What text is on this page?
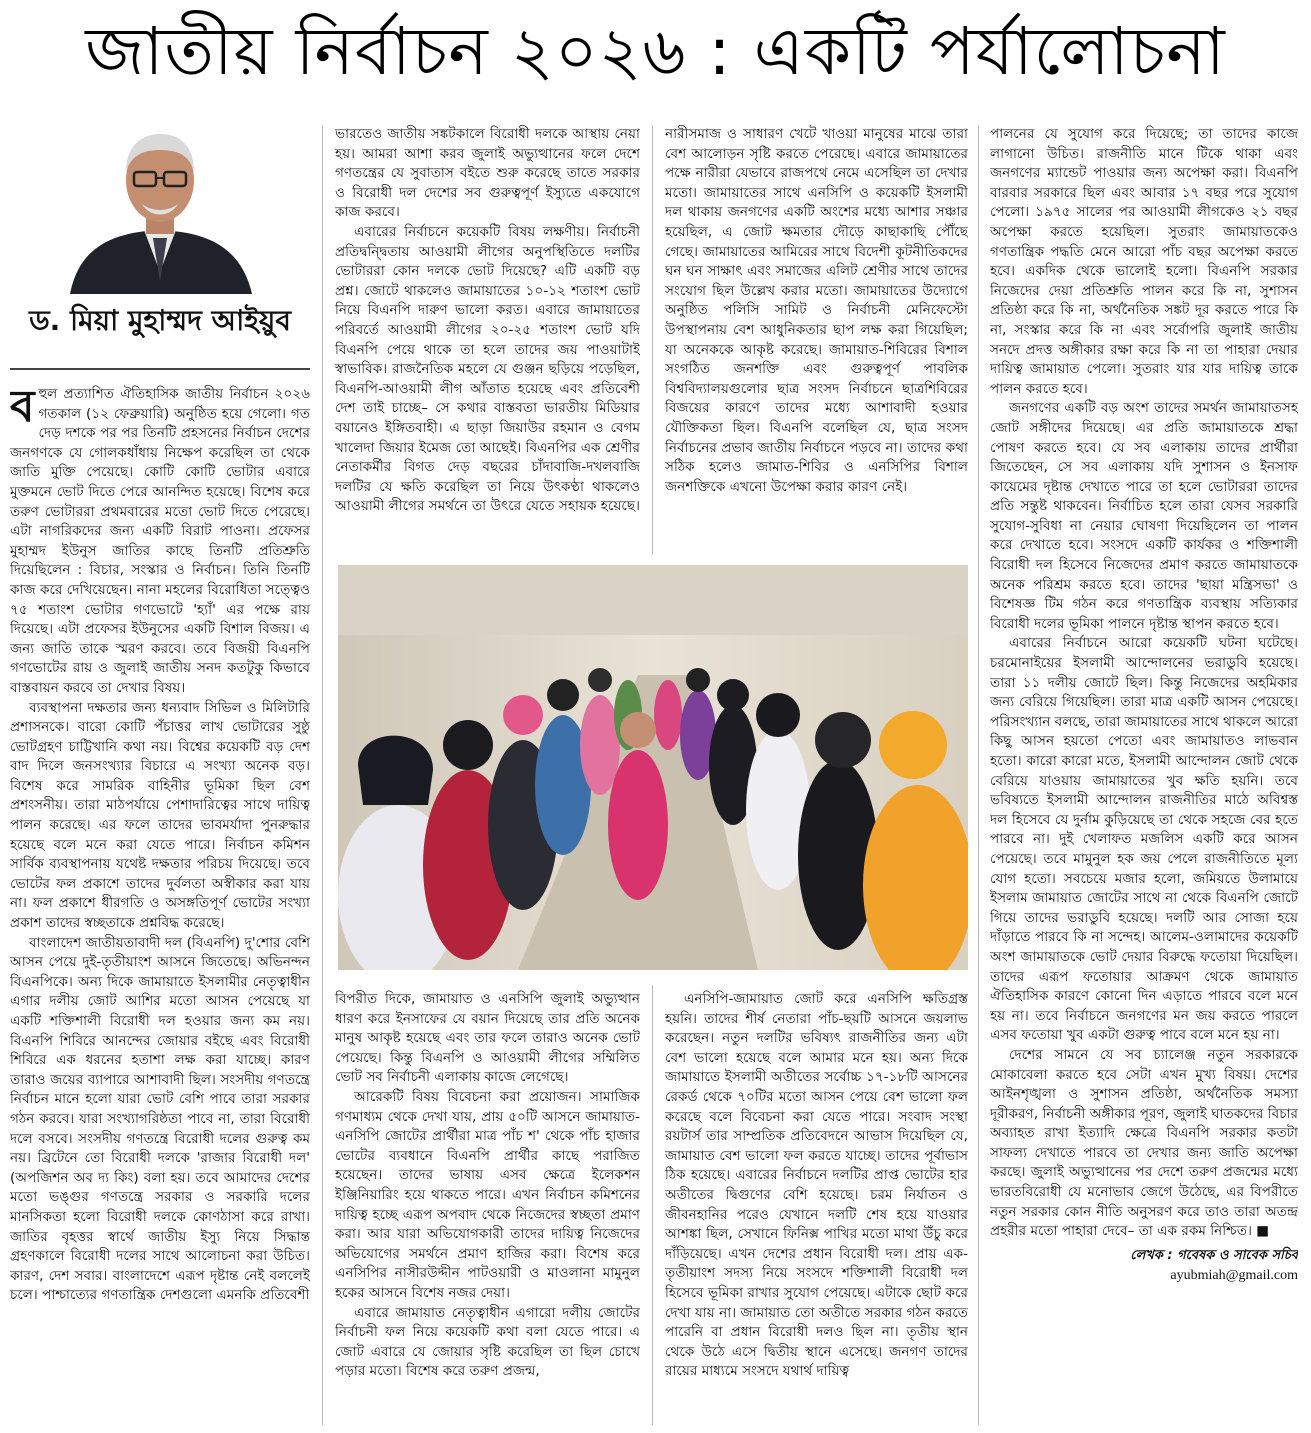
জাতীয় নির্বাচন ২০২৬ : একটি পর্যালোচনা
ড. মিয়া মুহাম্মদ আইয়ুব

বহুল প্রত্যাশিত ঐতিহাসিক জাতীয় নির্বাচন ২০২৬ গতকাল (১২ ফেব্রুয়ারি) অনুষ্ঠিত হয়ে গেলো। গত দেড় দশকে পর পর তিনটি প্রহসনের নির্বাচন দেশের জনগণকে যে গোলকধাঁধায় নিক্ষেপ করেছিল তা থেকে জাতি মুক্তি পেয়েছে। কোটি কোটি ভোটার এবারে মুক্তমনে ভোট দিতে পেরে আনন্দিত হয়েছে। বিশেষ করে তরুণ ভোটাররা প্রথমবারের মতো ভোট দিতে পেরেছে। এটা নাগরিকদের জন্য একটি বিরাট পাওনা। প্রফেসর মুহাম্মদ ইউনুস জাতির কাছে তিনটি প্রতিশ্রুতি দিয়েছিলেন : বিচার, সংস্কার ও নির্বাচন। তিনি তিনটি কাজ করে দেখিয়েছেন। নানা মহলের বিরোধিতা সত্ত্বেও ৭৫ শতাংশ ভোটার গণভোটে 'হ্যাঁ' এর পক্ষে রায় দিয়েছে। এটা প্রফেসর ইউনুসের একটি বিশাল বিজয়। এ জন্য জাতি তাকে স্মরণ করবে। তবে বিজয়ী বিএনপি গণভোটের রায় ও জুলাই জাতীয় সনদ কতটুকু কিভাবে বাস্তবায়ন করবে তা দেখার বিষয়।

ব্যবস্থাপনা দক্ষতার জন্য ধন্যবাদ সিভিল ও মিলিটারি প্রশাসনকে। বারো কোটি পঁচাত্তর লাখ ভোটারের সুষ্ঠু ভোটগ্রহণ চাট্টিখানি কথা নয়। বিশ্বের কয়েকটি বড় দেশ বাদ দিলে জনসংখ্যার বিচারে এ সংখ্যা অনেক বড়। বিশেষ করে সামরিক বাহিনীর ভূমিকা ছিল বেশ প্রশংসনীয়। তারা মাঠপর্যায়ে পেশাদারিত্বের সাথে দায়িত্ব পালন করেছে। এর ফলে তাদের ভাবমর্যাদা পুনরুদ্ধার হয়েছে বলে মনে করা যেতে পারে। নির্বাচন কমিশন সার্বিক ব্যবস্থাপনায় যথেষ্ট দক্ষতার পরিচয় দিয়েছে। তবে ভোটের ফল প্রকাশে তাদের দুর্বলতা অস্বীকার করা যায় না। ফল প্রকাশে ধীরগতি ও অসঙ্গতিপূর্ণ ভোটের সংখ্যা প্রকাশ তাদের স্বচ্ছতাকে প্রশ্নবিদ্ধ করেছে।

বাংলাদেশ জাতীয়তাবাদী দল (বিএনপি) দু'শোর বেশি আসন পেয়ে দুই-তৃতীয়াংশ আসনে জিতেছে। অভিনন্দন বিএনপিকে। অন্য দিকে জামায়াতে ইসলামীর নেতৃত্বাধীন এগার দলীয় জোট আশির মতো আসন পেয়েছে যা একটি শক্তিশালী বিরোধী দল হওয়ার জন্য কম নয়। বিএনপি শিবিরে আনন্দের জোয়ার বইছে এবং বিরোধী শিবিরে এক ধরনের হতাশা লক্ষ করা যাচ্ছে। কারণ তারাও জয়ের ব্যাপারে আশাবাদী ছিল। সংসদীয় গণতন্ত্রে নির্বাচন মানে হলো যারা ভোট বেশি পাবে তারা সরকার গঠন করবে। যারা সংখ্যাগরিষ্ঠতা পাবে না, তারা বিরোধী দলে বসবে। সংসদীয় গণতন্ত্রে বিরোধী দলের গুরুত্ব কম নয়। ব্রিটেনে তো বিরোধী দলকে 'রাজার বিরোধী দল' (অপজিশন অব দ্য কিং) বলা হয়। তবে আমাদের দেশের মতো ভঙ্গুর গণতন্ত্রে সরকার ও সরকারি দলের মানসিকতা হলো বিরোধী দলকে কোণঠাসা করে রাখা। জাতির বৃহত্তর স্বার্থে জাতীয় ইস্যু নিয়ে সিদ্ধান্ত গ্রহণকালে বিরোধী দলের সাথে আলোচনা করা উচিত। কারণ, দেশ সবার। বাংলাদেশে এরূপ দৃষ্টান্ত নেই বললেই চলে। পাশ্চাত্যের গণতান্ত্রিক দেশগুলো এমনকি প্রতিবেশী

ভারতেও জাতীয় সঙ্কটকালে বিরোধী দলকে আস্থায় নেয়া হয়। আমরা আশা করব জুলাই অভ্যুত্থানের ফলে দেশে গণতন্ত্রের যে সুবাতাস বইতে শুরু করেছে তাতে সরকার ও বিরোধী দল দেশের সব গুরুত্বপূর্ণ ইস্যুতে একযোগে কাজ করবে।

এবারের নির্বাচনে কয়েকটি বিষয় লক্ষণীয়। নির্বাচনী প্রতিদ্বন্দ্বিতায় আওয়ামী লীগের অনুপস্থিতিতে দলটির ভোটাররা কোন দলকে ভোট দিয়েছে? এটি একটি বড় প্রশ্ন। জোটে থাকলেও জামায়াতের ১০-১২ শতাংশ ভোট নিয়ে বিএনপি দারুণ ভালো করত। এবারে জামায়াতের পরিবর্তে আওয়ামী লীগের ২০-২৫ শতাংশ ভোট যদি বিএনপি পেয়ে থাকে তা হলে তাদের জয় পাওয়াটাই স্বাভাবিক। রাজনৈতিক মহলে যে গুঞ্জন ছড়িয়ে পড়েছিল, বিএনপি-আওয়ামী লীগ আঁতাত হয়েছে এবং প্রতিবেশী দেশ তাই চাচ্ছে– সে কথার বাস্তবতা ভারতীয় মিডিয়ার বয়ানেও ইঙ্গিতবাহী। এ ছাড়া জিয়াউর রহমান ও বেগম খালেদা জিয়ার ইমেজ তো আছেই। বিএনপির এক শ্রেণীর নেতাকর্মীর বিগত দেড় বছরের চাঁদাবাজি-দখলবাজি দলটির যে ক্ষতি করেছিল তা নিয়ে উৎকণ্ঠা থাকলেও আওয়ামী লীগের সমর্থনে তা উৎরে যেতে সহায়ক হয়েছে।

নারীসমাজ ও সাধারণ খেটে খাওয়া মানুষের মাঝে তারা বেশ আলোড়ন সৃষ্টি করতে পেরেছে। এবারে জামায়াতের পক্ষে নারীরা যেভাবে রাজপথে নেমে এসেছিল তা দেখার মতো। জামায়াতের সাথে এনসিপি ও কয়েকটি ইসলামী দল থাকায় জনগণের একটি অংশের মধ্যে আশার সঞ্চার হয়েছিল, এ জোট ক্ষমতার দৌড়ে কাছাকাছি পৌঁছে গেছে। জামায়াতের আমিরের সাথে বিদেশী কূটনীতিকদের ঘন ঘন সাক্ষাৎ এবং সমাজের এলিট শ্রেণীর সাথে তাদের সংযোগ ছিল উল্লেখ করার মতো। জামায়াতের উদ্যোগে অনুষ্ঠিত পলিসি সামিট ও নির্বাচনী মেনিফেস্টো উপস্থাপনায় বেশ আধুনিকতার ছাপ লক্ষ করা গিয়েছিল; যা অনেককে আকৃষ্ট করেছে। জামায়াত-শিবিরের বিশাল সংগঠিত জনশক্তি এবং গুরুত্বপূর্ণ পাবলিক বিশ্ববিদ্যালয়গুলোর ছাত্র সংসদ নির্বাচনে ছাত্রশিবিরের বিজয়ের কারণে তাদের মধ্যে আশাবাদী হওয়ার যৌক্তিকতা ছিল। বিএনপি বলেছিল যে, ছাত্র সংসদ নির্বাচনের প্রভাব জাতীয় নির্বাচনে পড়বে না। তাদের কথা সঠিক হলেও জামাত-শিবির ও এনসিপির বিশাল জনশক্তিকে এখনো উপেক্ষা করার কারণ নেই।

বিপরীত দিকে, জামায়াত ও এনসিপি জুলাই অভ্যুত্থান ধারণ করে ইনসাফের যে বয়ান দিয়েছে তার প্রতি অনেক মানুষ আকৃষ্ট হয়েছে এবং তার ফলে তারাও অনেক ভোট পেয়েছে। কিন্তু বিএনপি ও আওয়ামী লীগের সম্মিলিত ভোট সব নির্বাচনী এলাকায় কাজে লেগেছে।

আরেকটি বিষয় বিবেচনা করা প্রয়োজন। সামাজিক গণমাধ্যম থেকে দেখা যায়, প্রায় ৫০টি আসনে জামায়াত-এনসিপি জোটের প্রার্থীরা মাত্র পাঁচ শ' থেকে পাঁচ হাজার ভোটের ব্যবধানে বিএনপি প্রার্থীর কাছে পরাজিত হয়েছেন। তাদের ভাষায় এসব ক্ষেত্রে ইলেকশন ইঞ্জিনিয়ারিং হয়ে থাকতে পারে। এখন নির্বাচন কমিশনের দায়িত্ব হচ্ছে এরূপ অপবাদ থেকে নিজেদের স্বচ্ছতা প্রমাণ করা। আর যারা অভিযোগকারী তাদের দায়িত্ব নিজেদের অভিযোগের সমর্থনে প্রমাণ হাজির করা। বিশেষ করে এনসিপির নাসীরউদ্দীন পাটওয়ারী ও মাওলানা মামুনুল হকের আসনে বিশেষ নজর দেয়া।

এবারে জামায়াত নেতৃত্বাধীন এগারো দলীয় জোটের নির্বাচনী ফল নিয়ে কয়েকটি কথা বলা যেতে পারে। এ জোট এবারে যে জোয়ার সৃষ্টি করেছিল তা ছিল চোখে পড়ার মতো। বিশেষ করে তরুণ প্রজন্ম,

এনসিপি-জামায়াত জোট করে এনসিপি ক্ষতিগ্রস্ত হয়নি। তাদের শীর্ষ নেতারা পাঁচ-ছয়টি আসনে জয়লাভ করেছেন। নতুন দলটির ভবিষ্যৎ রাজনীতির জন্য এটা বেশ ভালো হয়েছে বলে আমার মনে হয়। অন্য দিকে জামায়াতে ইসলামী অতীতের সর্বোচ্চ ১৭-১৮টি আসনের রেকর্ড থেকে ৭০টির মতো আসন পেয়ে বেশ ভালো ফল করেছে বলে বিবেচনা করা যেতে পারে। সংবাদ সংস্থা রয়টার্স তার সাম্প্রতিক প্রতিবেদনে আভাস দিয়েছিল যে, জামায়াত বেশ ভালো ফল করতে যাচ্ছে। তাদের পূর্বাভাস ঠিক হয়েছে। এবারের নির্বাচনে দলটির প্রাপ্ত ভোটের হার অতীতের দ্বিগুণের বেশি হয়েছে। চরম নির্যাতন ও জীবনহানির পরেও যেখানে দলটি শেষ হয়ে যাওয়ার আশঙ্কা ছিল, সেখানে ফিনিক্স পাখির মতো মাথা উঁচু করে দাঁড়িয়েছে। এখন দেশের প্রধান বিরোধী দল। প্রায় এক-তৃতীয়াংশ সদস্য নিয়ে সংসদে শক্তিশালী বিরোধী দল হিসেবে ভূমিকা রাখার সুযোগ পেয়েছে। এটাকে ছোট করে দেখা যায় না। জামায়াত তো অতীতে সরকার গঠন করতে পারেনি বা প্রধান বিরোধী দলও ছিল না। তৃতীয় স্থান থেকে উঠে এসে দ্বিতীয় স্থানে এসেছে। জনগণ তাদের রায়ের মাধ্যমে সংসদে যথার্থ দায়িত্ব

পালনের যে সুযোগ করে দিয়েছে; তা তাদের কাজে লাগানো উচিত। রাজনীতি মানে টিকে থাকা এবং জনগণের ম্যান্ডেট পাওয়ার জন্য অপেক্ষা করা। বিএনপি বারবার সরকারে ছিল এবং আবার ১৭ বছর পরে সুযোগ পেলো। ১৯৭৫ সালের পর আওয়ামী লীগকেও ২১ বছর অপেক্ষা করতে হয়েছিল। সুতরাং জামায়াতকেও গণতান্ত্রিক পদ্ধতি মেনে আরো পাঁচ বছর অপেক্ষা করতে হবে। একদিক থেকে ভালোই হলো। বিএনপি সরকার নিজেদের দেয়া প্রতিশ্রুতি পালন করে কি না, সুশাসন প্রতিষ্ঠা করে কি না, অর্থনৈতিক সঙ্কট দূর করতে পারে কি না, সংস্কার করে কি না এবং সর্বোপরি জুলাই জাতীয় সনদে প্রদত্ত অঙ্গীকার রক্ষা করে কি না তা পাহারা দেয়ার দায়িত্ব জামায়াত পেলো। সুতরাং যার যার দায়িত্ব তাকে পালন করতে হবে।

জনগণের একটি বড় অংশ তাদের সমর্থন জামায়াতসহ জোট সঙ্গীদের দিয়েছে। এর প্রতি জামায়াতকে শ্রদ্ধা পোষণ করতে হবে। যে সব এলাকায় তাদের প্রার্থীরা জিতেছেন, সে সব এলাকায় যদি সুশাসন ও ইনসাফ কায়েমের দৃষ্টান্ত দেখাতে পারে তা হলে ভোটাররা তাদের প্রতি সন্তুষ্ট থাকবেন। নির্বাচিত হলে তারা যেসব সরকারি সুযোগ-সুবিধা না নেয়ার ঘোষণা দিয়েছিলেন তা পালন করে দেখাতে হবে। সংসদে একটি কার্যকর ও শক্তিশালী বিরোধী দল হিসেবে নিজেদের প্রমাণ করতে জামায়াতকে অনেক পরিশ্রম করতে হবে। তাদের 'ছায়া মন্ত্রিসভা' ও বিশেষজ্ঞ টিম গঠন করে গণতান্ত্রিক ব্যবস্থায় সত্যিকার বিরোধী দলের ভূমিকা পালনে দৃষ্টান্ত স্থাপন করতে হবে।

এবারের নির্বাচনে আরো কয়েকটি ঘটনা ঘটেছে। চরমোনাইয়ের ইসলামী আন্দোলনের ভরাডুবি হয়েছে। তারা ১১ দলীয় জোটে ছিল। কিন্তু নিজেদের অহমিকার জন্য বেরিয়ে গিয়েছিল। তারা মাত্র একটি আসন পেয়েছে। পরিসংখ্যান বলছে, তারা জামায়াতের সাথে থাকলে আরো কিছু আসন হয়তো পেতো এবং জামায়াতও লাভবান হতো। কারো কারো মতে, ইসলামী আন্দোলন জোট থেকে বেরিয়ে যাওয়ায় জামায়াতের খুব ক্ষতি হয়নি। তবে ভবিষ্যতে ইসলামী আন্দোলন রাজনীতির মাঠে অবিশ্বস্ত দল হিসেবে যে দুর্নাম কুড়িয়েছে তা থেকে সহজে বের হতে পারবে না। দুই খেলাফত মজলিস একটি করে আসন পেয়েছে। তবে মামুনুল হক জয় পেলে রাজনীতিতে মূল্য যোগ হতো। সবচেয়ে মজার হলো, জমিয়তে উলামায়ে ইসলাম জামায়াত জোটের সাথে না থেকে বিএনপি জোটে গিয়ে তাদের ভরাডুবি হয়েছে। দলটি আর সোজা হয়ে দাঁড়াতে পারবে কি না সন্দেহ। আলেম-ওলামাদের কয়েকটি অংশ জামায়াতকে ভোট দেয়ার বিরুদ্ধে ফতোয়া দিয়েছিল। তাদের এরূপ ফতোয়ার আক্রমণ থেকে জামায়াত ঐতিহাসিক কারণে কোনো দিন এড়াতে পারবে বলে মনে হয় না। তবে নির্বাচনে জনগণের মন জয় করতে পারলে এসব ফতোয়া খুব একটা গুরুত্ব পাবে বলে মনে হয় না।

দেশের সামনে যে সব চ্যালেঞ্জ নতুন সরকারকে মোকাবেলা করতে হবে সেটা এখন মুখ্য বিষয়। দেশের আইনশৃঙ্খলা ও সুশাসন প্রতিষ্ঠা, অর্থনৈতিক সমস্যা দূরীকরণ, নির্বাচনী অঙ্গীকার পূরণ, জুলাই ঘাতকদের বিচার অব্যাহত রাখা ইত্যাদি ক্ষেত্রে বিএনপি সরকার কতটা সাফল্য দেখাতে পারবে তা দেখার জন্য জাতি অপেক্ষা করছে। জুলাই অভ্যুত্থানের পর দেশে তরুণ প্রজন্মের মধ্যে ভারতবিরোধী যে মনোভাব জেগে উঠেছে, এর বিপরীতে নতুন সরকার কোন নীতি অনুসরণ করে তাও তারা অতন্দ্র প্রহরীর মতো পাহারা দেবে– তা এক রকম নিশ্চিত। ■

লেখক : গবেষক ও সাবেক সচিব
ayubmiah@gmail.com
